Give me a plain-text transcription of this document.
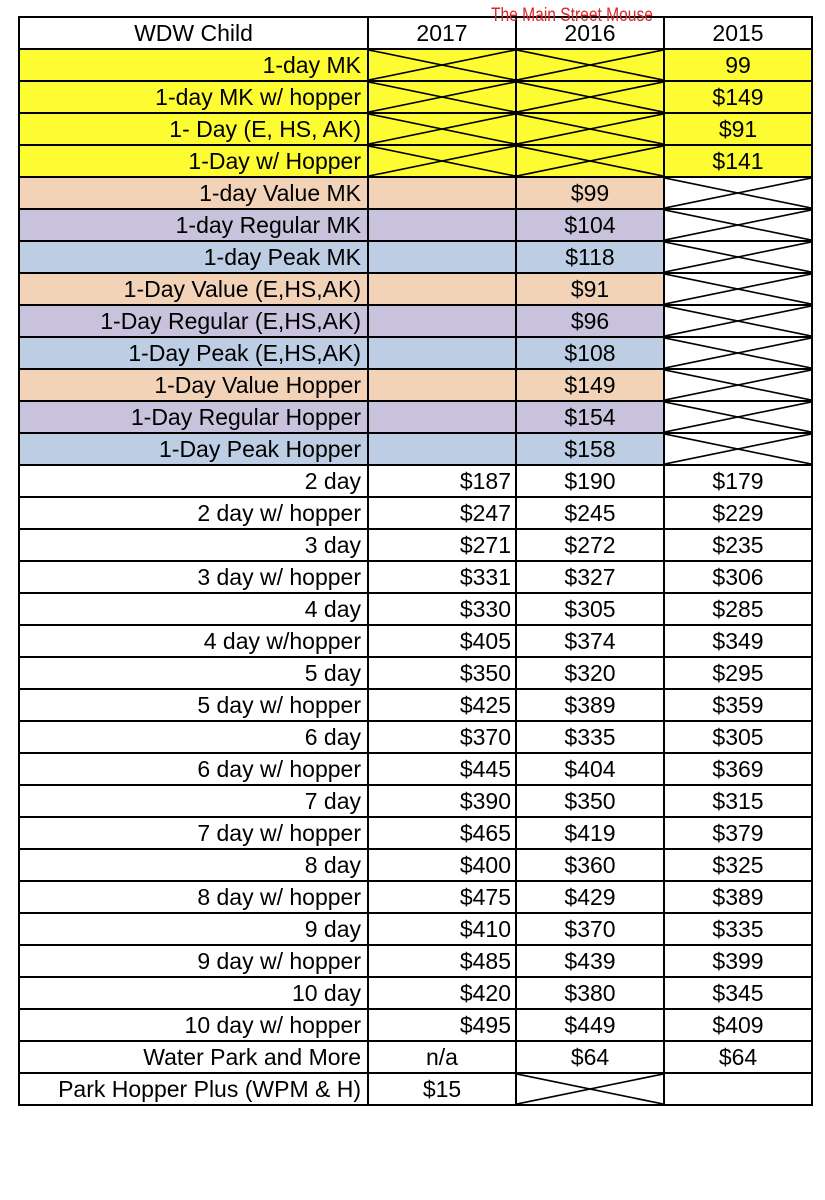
The Main Street Mouse
WDW Child	2017	2016	2015
1-day MK			99
1-day MK w/ hopper			$149
1- Day (E, HS, AK)			$91
1-Day w/ Hopper			$141
1-day Value MK		$99	

1-day Regular MK		$104	

1-day Peak MK		$118	

1-Day Value (E,HS,AK)		$91	

1-Day Regular (E,HS,AK)		$96	

1-Day Peak (E,HS,AK)		$108	

1-Day Value Hopper		$149	

1-Day Regular Hopper		$154	

1-Day Peak Hopper		$158	

2 day	$187	$190	$179
2 day w/ hopper	$247	$245	$229
3 day	$271	$272	$235
3 day w/ hopper	$331	$327	$306
4 day	$330	$305	$285
4 day w/hopper	$405	$374	$349
5 day	$350	$320	$295
5 day w/ hopper	$425	$389	$359
6 day	$370	$335	$305
6 day w/ hopper	$445	$404	$369
7 day	$390	$350	$315
7 day w/ hopper	$465	$419	$379
8 day	$400	$360	$325
8 day w/ hopper	$475	$429	$389
9 day	$410	$370	$335
9 day w/ hopper	$485	$439	$399
10 day	$420	$380	$345
10 day w/ hopper	$495	$449	$409
Water Park and More	n/a	$64	$64
Park Hopper Plus (WPM & H)	$15	
